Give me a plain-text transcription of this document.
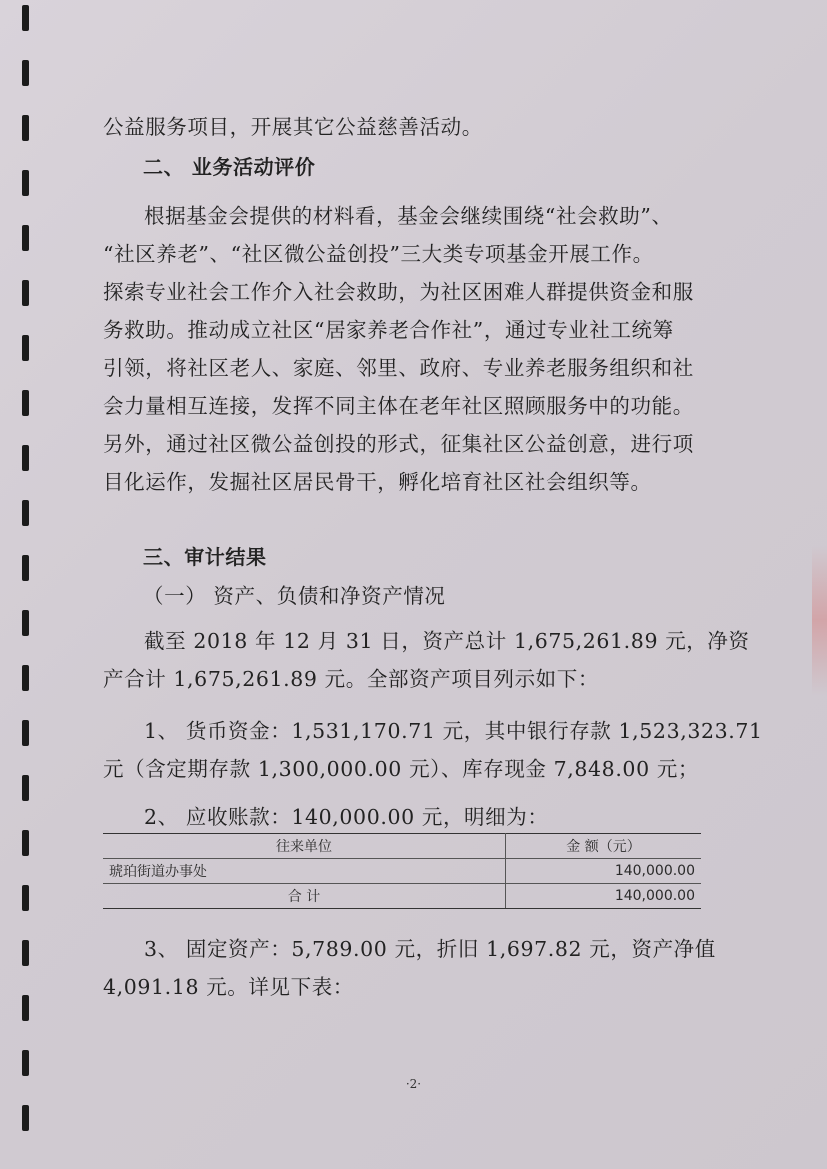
公益服务项目，开展其它公益慈善活动。
二、 业务活动评价
根据基金会提供的材料看，基金会继续围绕“社会救助”、
“社区养老”、“社区微公益创投”三大类专项基金开展工作。
探索专业社会工作介入社会救助，为社区困难人群提供资金和服
务救助。推动成立社区“居家养老合作社”，通过专业社工统筹
引领，将社区老人、家庭、邻里、政府、专业养老服务组织和社
会力量相互连接，发挥不同主体在老年社区照顾服务中的功能。
另外，通过社区微公益创投的形式，征集社区公益创意，进行项
目化运作，发掘社区居民骨干，孵化培育社区社会组织等。
三、审计结果
（一） 资产、负债和净资产情况
截至 2018 年 12 月 31 日，资产总计 1,675,261.89 元，净资
产合计 1,675,261.89 元。全部资产项目列示如下：
1、 货币资金：1,531,170.71 元，其中银行存款 1,523,323.71
元（含定期存款 1,300,000.00 元）、库存现金 7,848.00 元；
2、 应收账款：140,000.00 元，明细为：
往来单位	金 额（元）
琥珀街道办事处	140,000.00
合 计	140,000.00
3、 固定资产：5,789.00 元，折旧 1,697.82 元，资产净值
4,091.18 元。详见下表：
·2·
